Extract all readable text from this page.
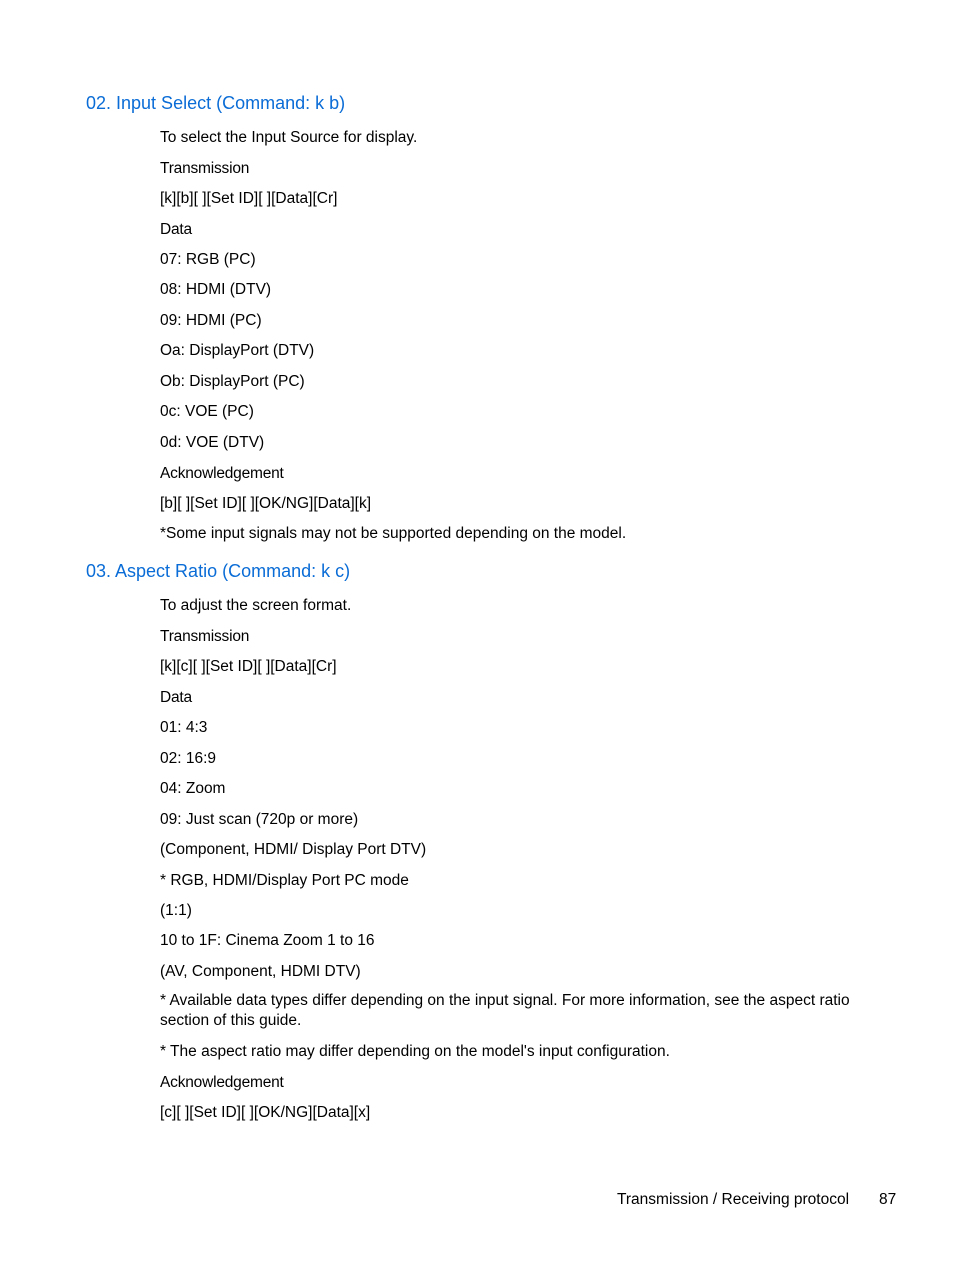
02. Input Select (Command: k b)

To select the Input Source for display.

Transmission

[k][b][ ][Set ID][ ][Data][Cr]

Data

07: RGB (PC)

08: HDMI (DTV)

09: HDMI (PC)

Oa: DisplayPort (DTV)

Ob: DisplayPort (PC)

0c: VOE (PC)

0d: VOE (DTV)

Acknowledgement

[b][ ][Set ID][ ][OK/NG][Data][k]

*Some input signals may not be supported depending on the model.

03. Aspect Ratio (Command: k c)

To adjust the screen format.

Transmission

[k][c][ ][Set ID][ ][Data][Cr]

Data

01: 4:3

02: 16:9

04: Zoom

09: Just scan (720p or more)

(Component, HDMI/ Display Port DTV)

* RGB, HDMI/Display Port PC mode

(1:1)

10 to 1F: Cinema Zoom 1 to 16

(AV, Component, HDMI DTV)

* Available data types differ depending on the input signal. For more information, see the aspect ratio section of this guide.

* The aspect ratio may differ depending on the model's input configuration.

Acknowledgement

[c][ ][Set ID][ ][OK/NG][Data][x]

Transmission / Receiving protocol 87
